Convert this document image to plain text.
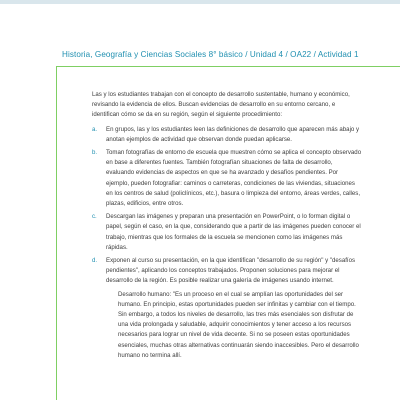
Historia, Geografía y Ciencias Sociales 8° básico / Unidad 4 / OA22 / Actividad 1

Las y los estudiantes trabajan con el concepto de desarrollo sustentable, humano y económico, revisando la evidencia de ellos. Buscan evidencias de desarrollo en su entorno cercano, e identifican cómo se da en su región, según el siguiente procedimiento:

a. En grupos, las y los estudiantes leen las definiciones de desarrollo que aparecen más abajo y anotan ejemplos de actividad que observan donde puedan aplicarse.
b. Toman fotografías de entorno de escuela que muestren cómo se aplica el concepto observado en base a diferentes fuentes. También fotografían situaciones de falta de desarrollo, evaluando evidencias de aspectos en que se ha avanzado y desafíos pendientes. Por ejemplo, pueden fotografiar: caminos o carreteras, condiciones de las viviendas, situaciones en los centros de salud (policlínicos, etc.), basura o limpieza del entorno, áreas verdes, calles, plazas, edificios, entre otros.
c. Descargan las imágenes y preparan una presentación en PowerPoint, o lo forman digital o papel, según el caso, en la que, considerando que a partir de las imágenes pueden conocer el trabajo, mientras que los formales de la escuela se mencionen como las imágenes más rápidas.
d. Exponen al curso su presentación, en la que identifican "desarrollo de su región" y "desafíos pendientes", aplicando los conceptos trabajados. Proponen soluciones para mejorar el desarrollo de la región. Es posible realizar una galería de imágenes usando internet.

Desarrollo humano: "Es un proceso en el cual se amplían las oportunidades del ser humano. En principio, estas oportunidades pueden ser infinitas y cambiar con el tiempo. Sin embargo, a todos los niveles de desarrollo, las tres más esenciales son disfrutar de una vida prolongada y saludable, adquirir conocimientos y tener acceso a los recursos necesarios para lograr un nivel de vida decente. Si no se poseen estas oportunidades esenciales, muchas otras alternativas continuarán siendo inaccesibles. Pero el desarrollo humano no termina allí.
